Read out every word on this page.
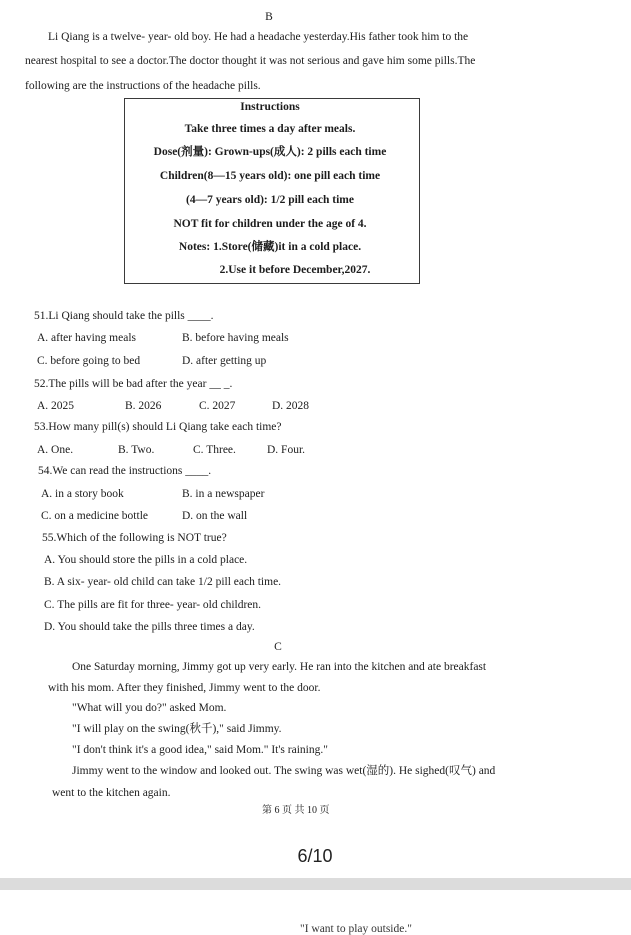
B
Li Qiang is a twelve- year- old boy. He had a headache yesterday.His father took him to the
nearest hospital to see a doctor.The doctor thought it was not serious and gave him some pills.The
following are the instructions of the headache pills.
Instructions
Take three times a day after meals.
Dose(剂量): Grown-ups(成人): 2 pills each time
Children(8—15 years old): one pill each time
(4—7 years old): 1/2 pill each time
NOT fit for children under the age of 4.
Notes: 1.Store(储藏)it in a cold place.
2.Use it before December,2027.
51.Li Qiang should take the pills ____.
A. after having meals	B. before having meals
C. before going to bed	D. after getting up
52.The pills will be bad after the year __ _.
A. 2025	B. 2026	C. 2027	D. 2028
53.How many pill(s) should Li Qiang take each time?
A. One.	B. Two.	C. Three.	D. Four.
54.We can read the instructions ____.
A. in a story book	B. in a newspaper
C. on a medicine bottle	D. on the wall
55.Which of the following is NOT true?
A. You should store the pills in a cold place.
B. A six- year- old child can take 1/2 pill each time.
C. The pills are fit for three- year- old children.
D. You should take the pills three times a day.
C
One Saturday morning, Jimmy got up very early. He ran into the kitchen and ate breakfast
with his mom. After they finished, Jimmy went to the door.
"What will you do?" asked Mom.
"I will play on the swing(秋千)," said Jimmy.
"I don't think it's a good idea," said Mom." It's raining."
Jimmy went to the window and looked out. The swing was wet(湿的). He sighed(叹气) and
went to the kitchen again.
第 6 页 共 10 页
6/10
"I want to play outside."
